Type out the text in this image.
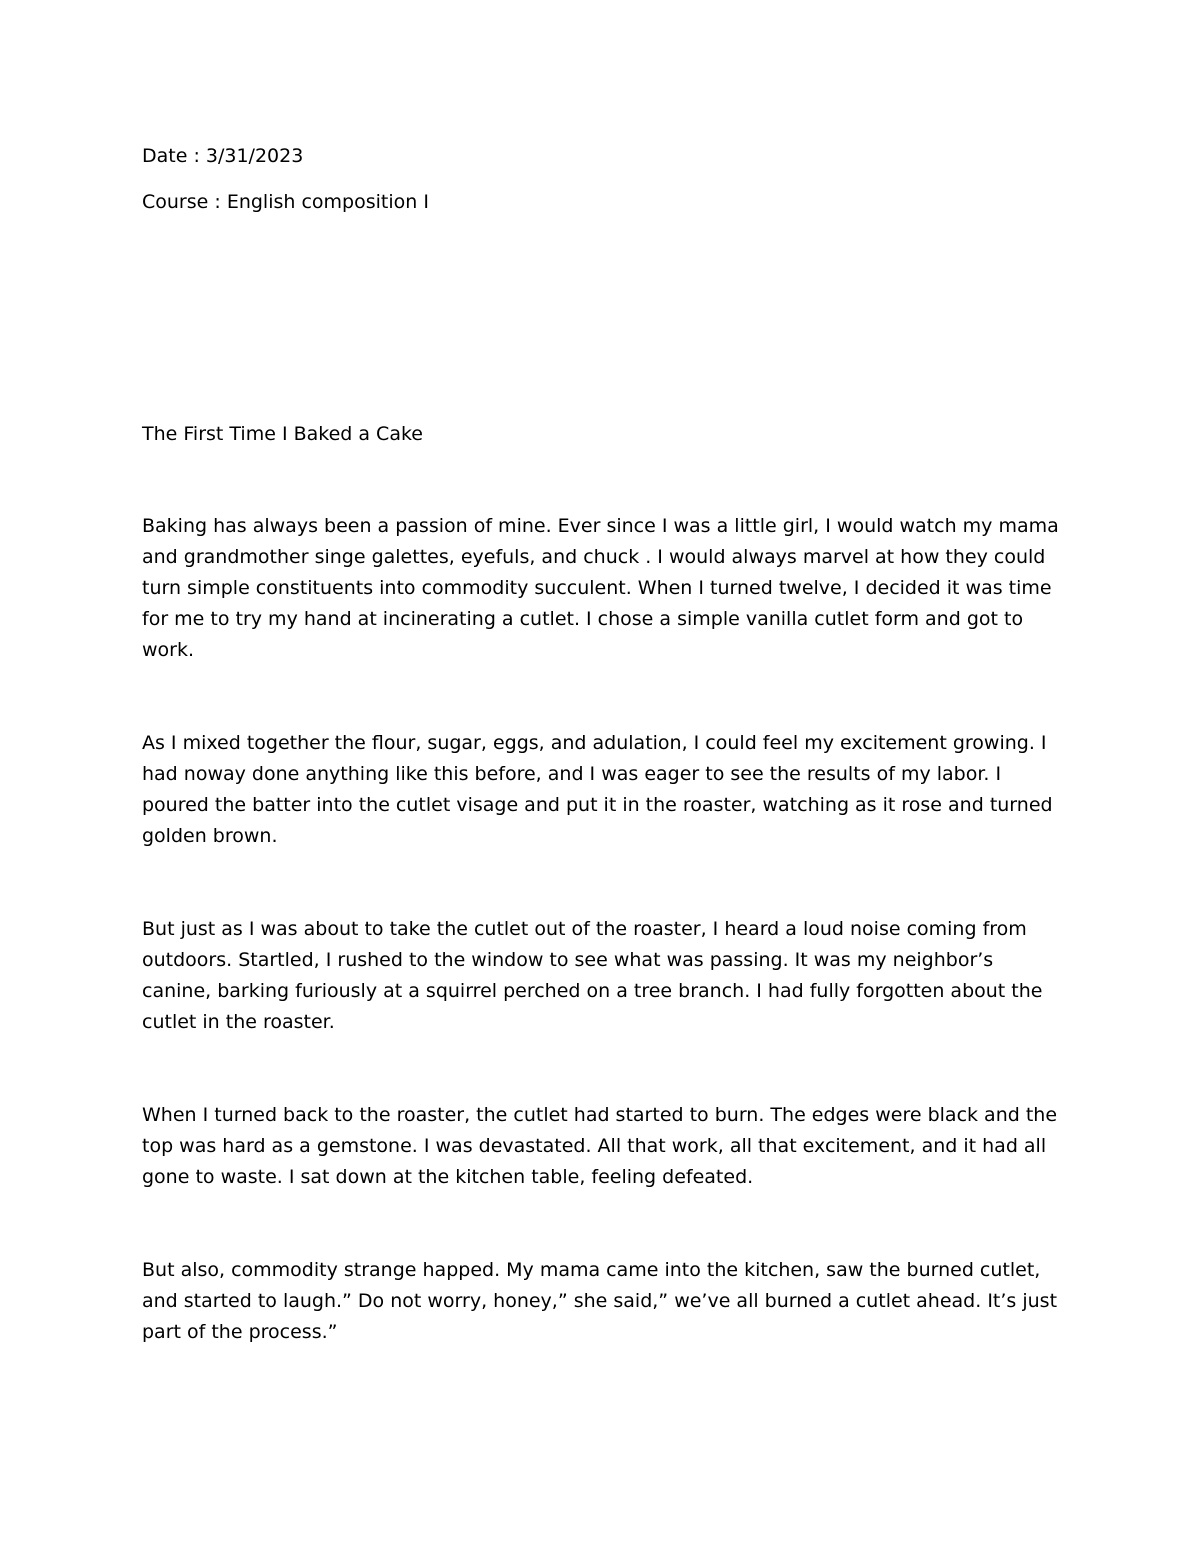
Date : 3/31/2023

Course : English composition I

The First Time I Baked a Cake

Baking has always been a passion of mine. Ever since I was a little girl, I would watch my mama and grandmother singe galettes, eyefuls, and chuck . I would always marvel at how they could turn simple constituents into commodity succulent. When I turned twelve, I decided it was time for me to try my hand at incinerating a cutlet. I chose a simple vanilla cutlet form and got to work.

As I mixed together the flour, sugar, eggs, and adulation, I could feel my excitement growing. I had noway done anything like this before, and I was eager to see the results of my labor. I poured the batter into the cutlet visage and put it in the roaster, watching as it rose and turned golden brown.

But just as I was about to take the cutlet out of the roaster, I heard a loud noise coming from outdoors. Startled, I rushed to the window to see what was passing. It was my neighbor’s canine, barking furiously at a squirrel perched on a tree branch. I had fully forgotten about the cutlet in the roaster.

When I turned back to the roaster, the cutlet had started to burn. The edges were black and the top was hard as a gemstone. I was devastated. All that work, all that excitement, and it had all gone to waste. I sat down at the kitchen table, feeling defeated.

But also, commodity strange happed. My mama came into the kitchen, saw the burned cutlet, and started to laugh.” Do not worry, honey,” she said,” we’ve all burned a cutlet ahead. It’s just part of the process.”
